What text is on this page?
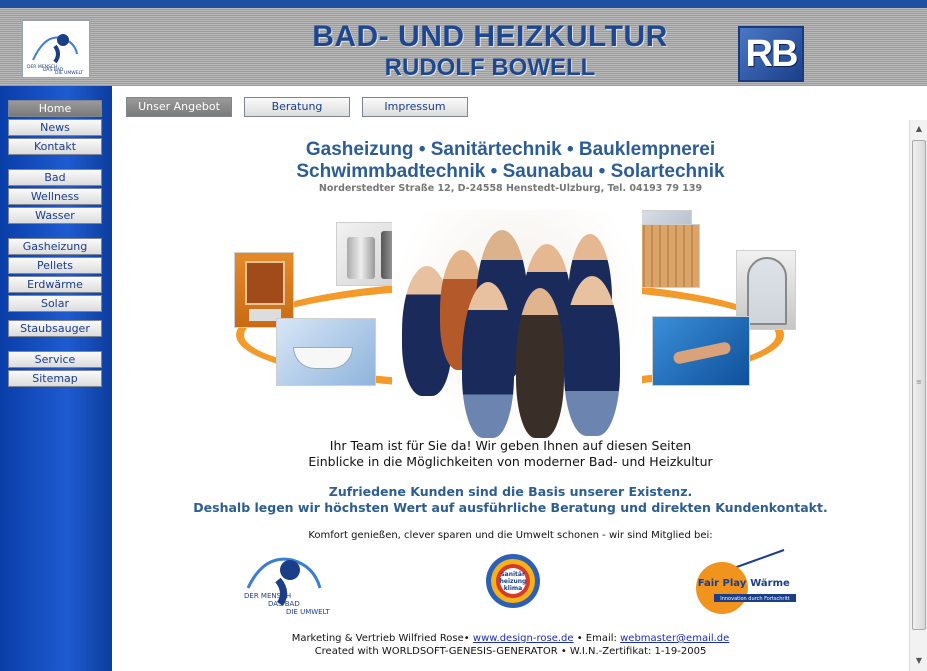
DER MENSCH
DAS BAD
DIE UMWELT
BAD- UND HEIZKULTUR
RUDOLF BOWELL	RB
Home
News
Kontakt
Bad
Wellness
Wasser
Gasheizung
Pellets
Erdwärme
Solar
Staubsauger
Service
Sitemap
Unser Angebot	Beratung	Impressum
Gasheizung • Sanitärtechnik • Bauklempnerei
Schwimmbadtechnik • Saunabau • Solartechnik
Norderstedter Straße 12, D-24558 Henstedt-Ulzburg, Tel. 04193 79 139
Ihr Team ist für Sie da! Wir geben Ihnen auf diesen Seiten
Einblicke in die Möglichkeiten von moderner Bad- und Heizkultur
Zufriedene Kunden sind die Basis unserer Existenz.
Deshalb legen wir höchsten Wert auf ausführliche Beratung und direkten Kundenkontakt.
Komfort genießen, clever sparen und die Umwelt schonen - wir sind Mitglied bei:
DER MENSCH
DAS BAD
DIE UMWELT
sanitär
heizung
klima	Fair Play Wärme
Innovation durch Fortschritt
Marketing & Vertrieb Wilfried Rose• www.design-rose.de • Email: webmaster@email.de
Created with WORLDSOFT-GENESIS-GENERATOR • W.I.N.-Zertifikat: 1-19-2005
▲
≡
▼
